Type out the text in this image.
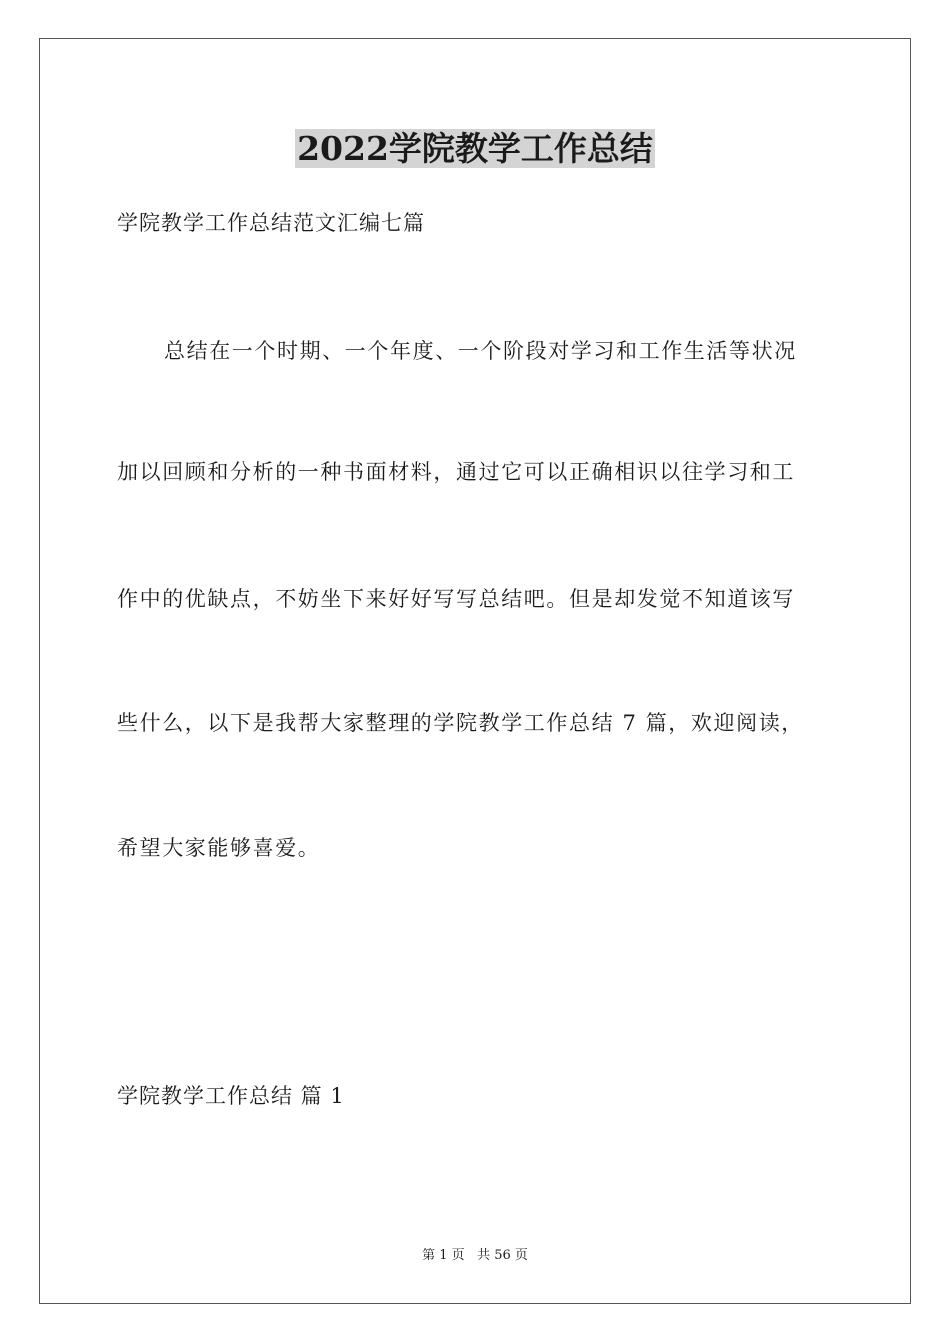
2022学院教学工作总结
学院教学工作总结范文汇编七篇
总结在一个时期、一个年度、一个阶段对学习和工作生活等状况
加以回顾和分析的一种书面材料，通过它可以正确相识以往学习和工
作中的优缺点，不妨坐下来好好写写总结吧。但是却发觉不知道该写
些什么，以下是我帮大家整理的学院教学工作总结 7 篇，欢迎阅读，
希望大家能够喜爱。
学院教学工作总结 篇 1
第 1 页   共 56 页
